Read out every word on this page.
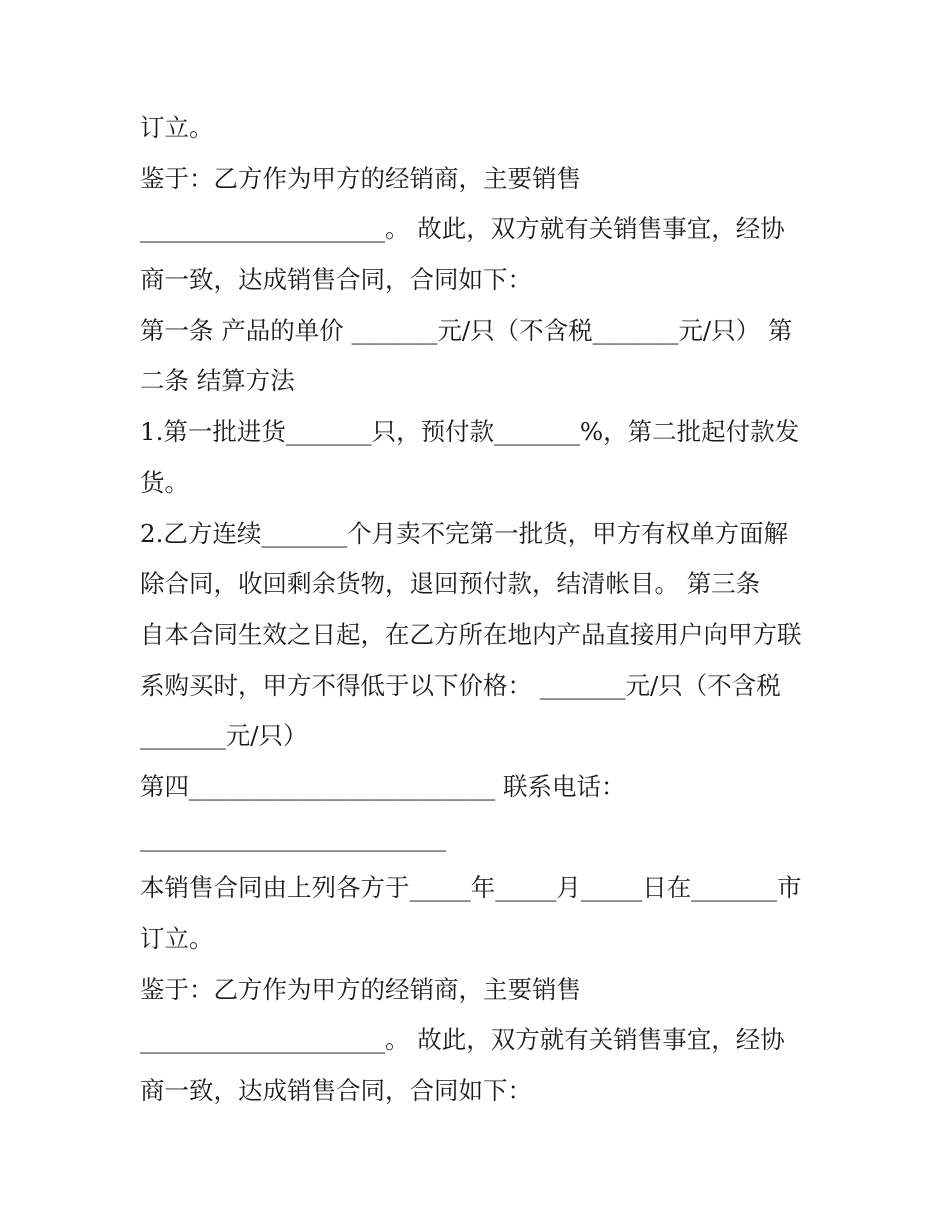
订立。

鉴于：乙方作为甲方的经销商，主要销售

____________________。 故此，双方就有关销售事宜，经协

商一致，达成销售合同，合同如下：

第一条 产品的单价 _______元/只（不含税_______元/只） 第

二条 结算方法

1.第一批进货_______只，预付款_______%，第二批起付款发

货。

2.乙方连续_______个月卖不完第一批货，甲方有权单方面解

除合同，收回剩余货物，退回预付款，结清帐目。 第三条

自本合同生效之日起，在乙方所在地内产品直接用户向甲方联

系购买时，甲方不得低于以下价格： _______元/只（不含税

_______元/只）

第四_________________________ 联系电话：

_________________________

本销售合同由上列各方于_____年_____月_____日在_______市

订立。

鉴于：乙方作为甲方的经销商，主要销售

____________________。 故此，双方就有关销售事宜，经协

商一致，达成销售合同，合同如下：
